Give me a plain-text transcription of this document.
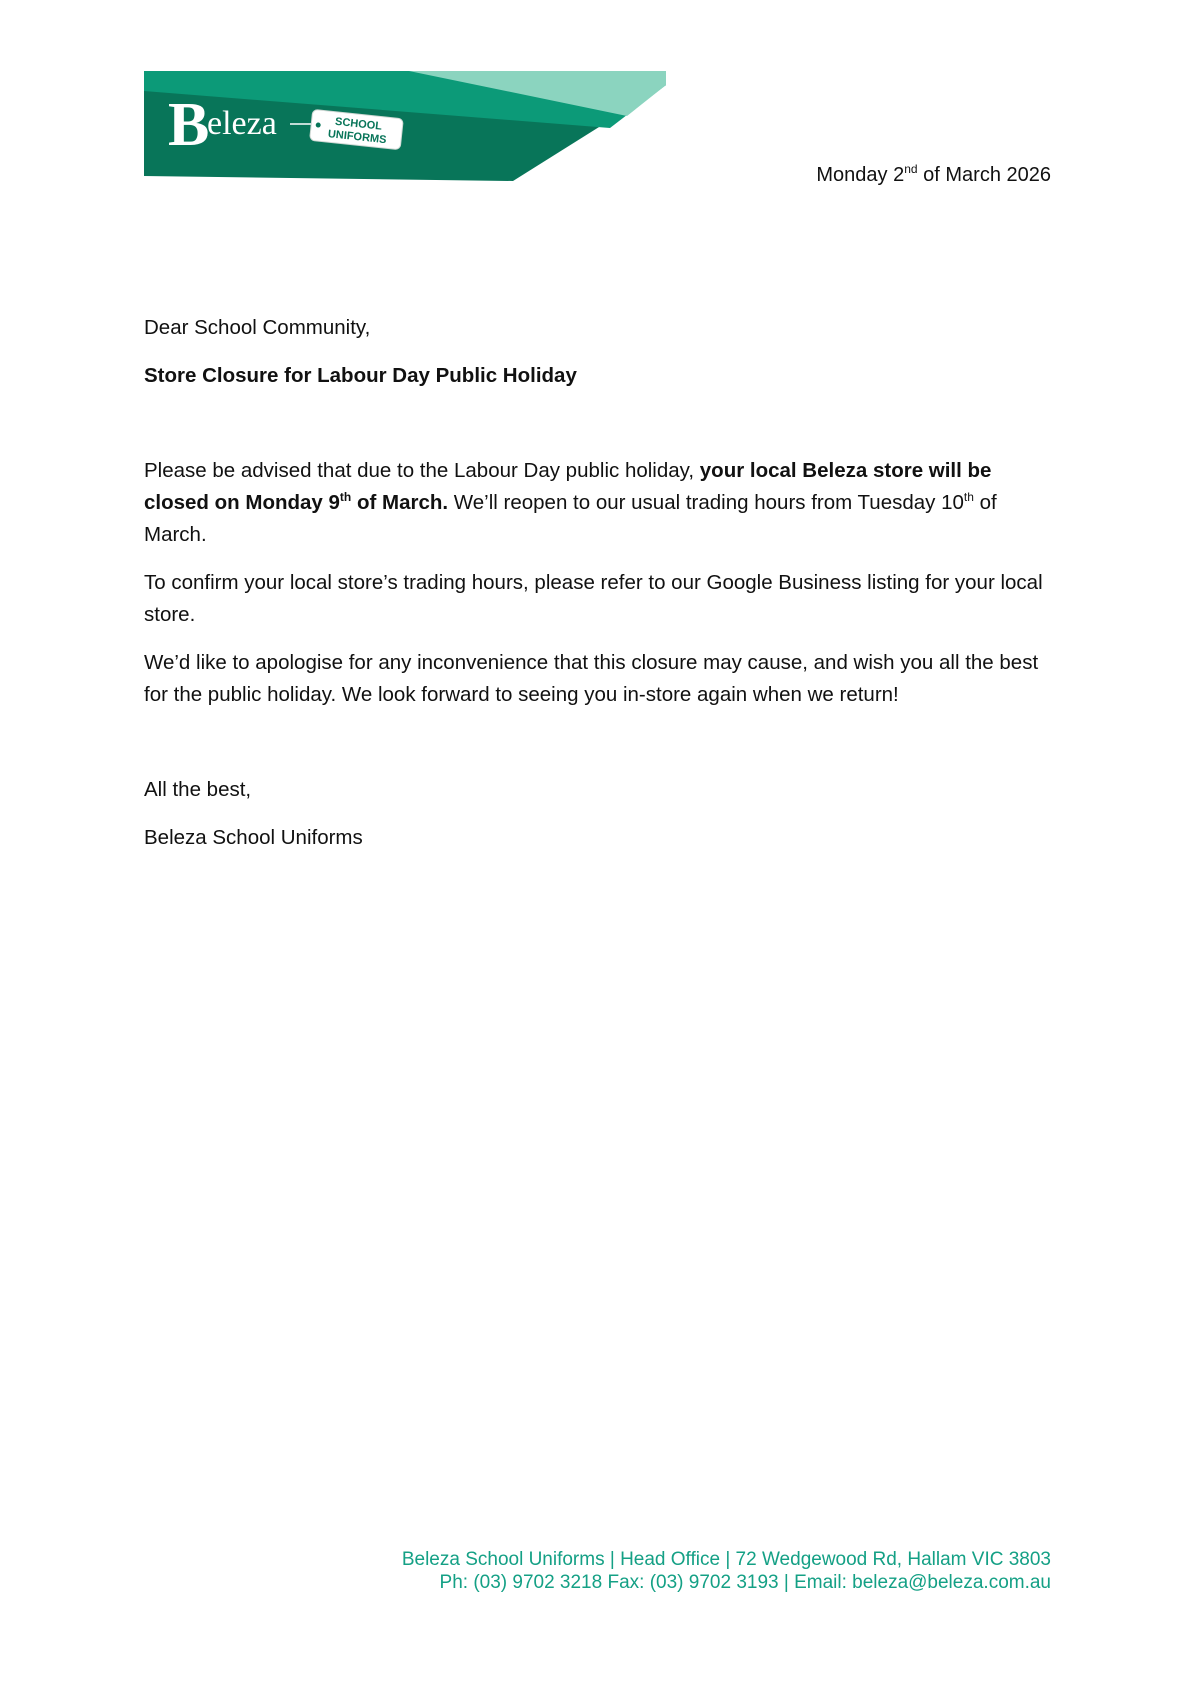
B
eleza	SCHOOL
UNIFORMS
Monday 2nd of March 2026

Dear School Community,

Store Closure for Labour Day Public Holiday

Please be advised that due to the Labour Day public holiday, your local Beleza store will be closed on Monday 9th of March. We’ll reopen to our usual trading hours from Tuesday 10th of March.

To confirm your local store’s trading hours, please refer to our Google Business listing for your local store.

We’d like to apologise for any inconvenience that this closure may cause, and wish you all the best for the public holiday. We look forward to seeing you in-store again when we return!

All the best,

Beleza School Uniforms

Beleza School Uniforms | Head Office | 72 Wedgewood Rd, Hallam VIC 3803
Ph: (03) 9702 3218 Fax: (03) 9702 3193 | Email: beleza@beleza.com.au
